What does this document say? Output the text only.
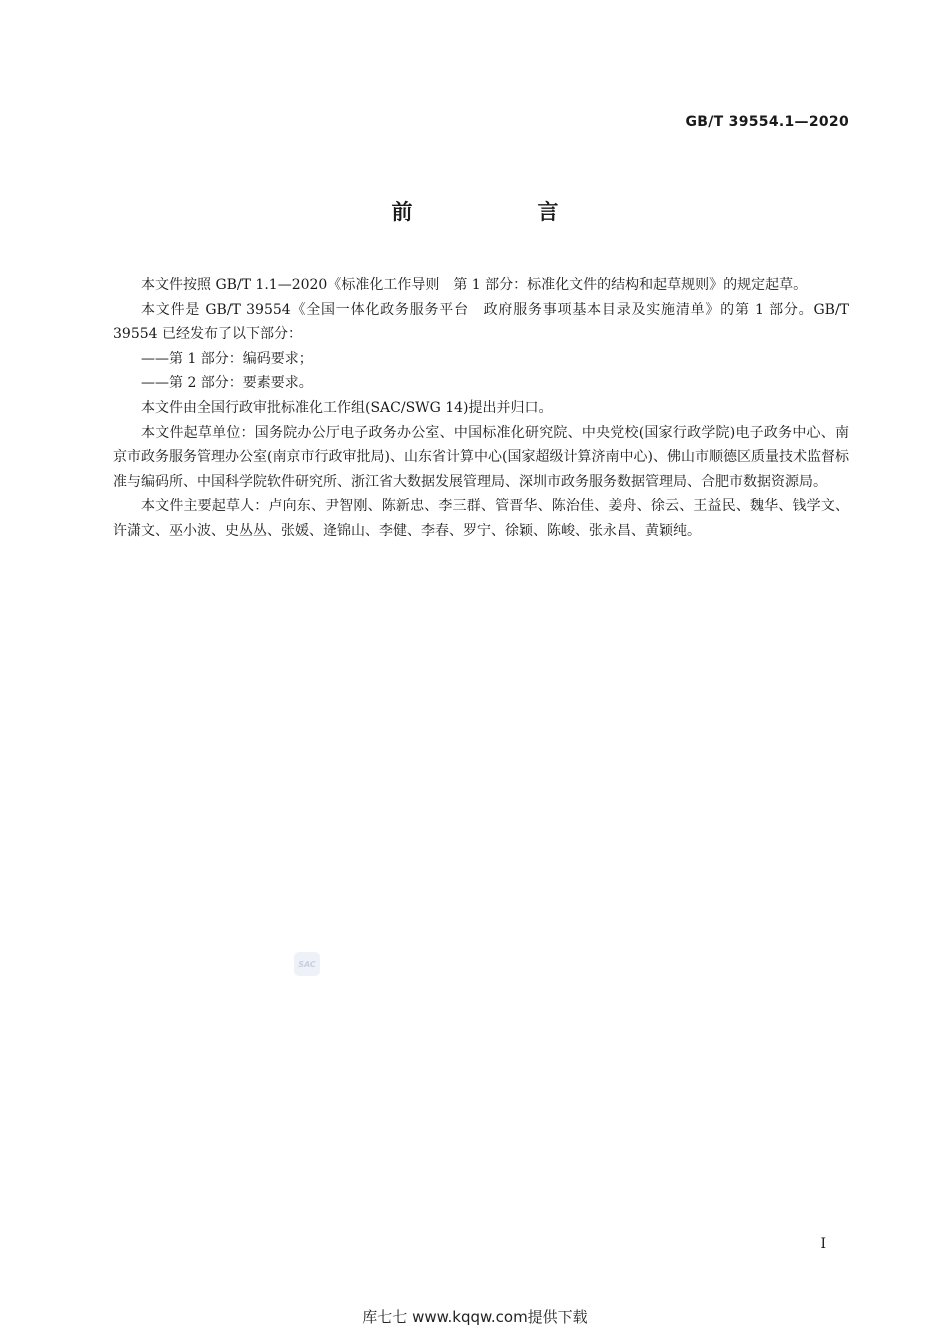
GB/T 39554.1—2020
前　言

本文件按照 GB/T 1.1—2020《标准化工作导则　第 1 部分：标准化文件的结构和起草规则》的规定起草。

本文件是 GB/T 39554《全国一体化政务服务平台　政府服务事项基本目录及实施清单》的第 1 部分。GB/T 39554 已经发布了以下部分：

——第 1 部分：编码要求；

——第 2 部分：要素要求。

本文件由全国行政审批标准化工作组(SAC/SWG 14)提出并归口。

本文件起草单位：国务院办公厅电子政务办公室、中国标准化研究院、中央党校(国家行政学院)电子政务中心、南京市政务服务管理办公室(南京市行政审批局)、山东省计算中心(国家超级计算济南中心)、佛山市顺德区质量技术监督标准与编码所、中国科学院软件研究所、浙江省大数据发展管理局、深圳市政务服务数据管理局、合肥市数据资源局。

本文件主要起草人：卢向东、尹智刚、陈新忠、李三群、管晋华、陈治佳、姜舟、徐云、王益民、魏华、钱学文、许潇文、巫小波、史丛丛、张媛、逄锦山、李健、李春、罗宁、徐颖、陈峻、张永昌、黄颖纯。

SAC
I
库七七 www.kqqw.com提供下载
